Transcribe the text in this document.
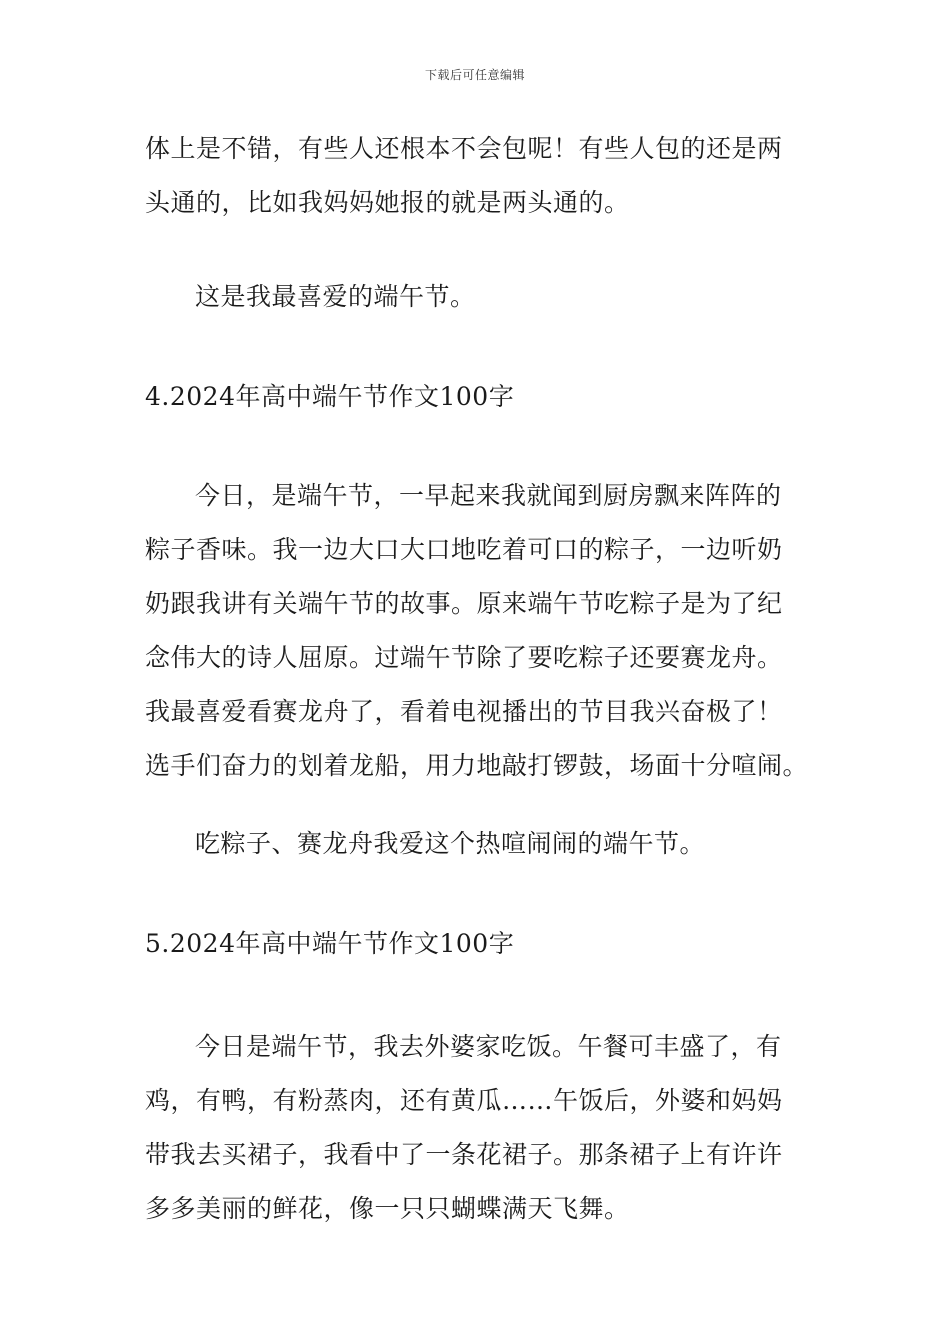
下载后可任意编辑

体上是不错，有些人还根本不会包呢！有些人包的还是两
头通的，比如我妈妈她报的就是两头通的。

这是我最喜爱的端午节。

4.2024年高中端午节作文100字

今日，是端午节，一早起来我就闻到厨房飘来阵阵的
粽子香味。我一边大口大口地吃着可口的粽子，一边听奶
奶跟我讲有关端午节的故事。原来端午节吃粽子是为了纪
念伟大的诗人屈原。过端午节除了要吃粽子还要赛龙舟。
我最喜爱看赛龙舟了，看着电视播出的节目我兴奋极了！
选手们奋力的划着龙船，用力地敲打锣鼓，场面十分喧闹。

吃粽子、赛龙舟我爱这个热喧闹闹的端午节。

5.2024年高中端午节作文100字

今日是端午节，我去外婆家吃饭。午餐可丰盛了，有
鸡，有鸭，有粉蒸肉，还有黄瓜……午饭后，外婆和妈妈
带我去买裙子，我看中了一条花裙子。那条裙子上有许许
多多美丽的鲜花，像一只只蝴蝶满天飞舞。
